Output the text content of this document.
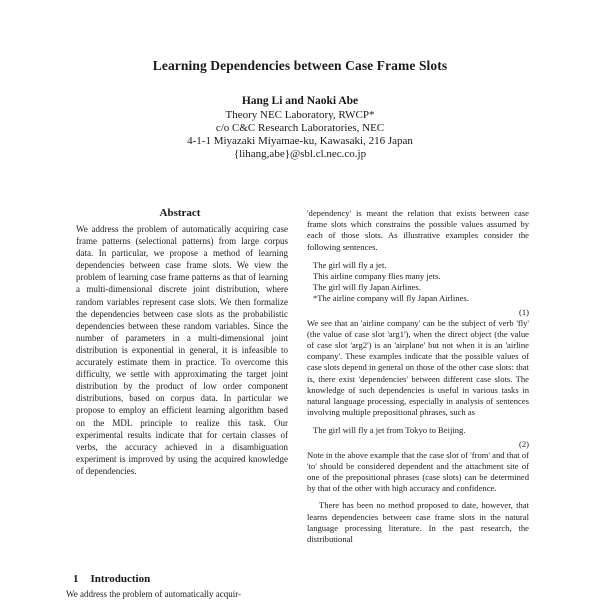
Learning Dependencies between Case Frame Slots
Hang Li and Naoki Abe
Theory NEC Laboratory, RWCP*
c/o C&C Research Laboratories, NEC
4-1-1 Miyazaki Miyamae-ku, Kawasaki, 216 Japan
{lihang,abe}@sbl.cl.nec.co.jp
Abstract
We address the problem of automatically acquiring case frame patterns (selectional patterns) from large corpus data. In particular, we propose a method of learning dependencies between case frame slots. We view the problem of learning case frame patterns as that of learning a multi-dimensional discrete joint distribution, where random variables represent case slots. We then formalize the dependencies between case slots as the probabilistic dependencies between these random variables. Since the number of parameters in a multi-dimensional joint distribution is exponential in general, it is infeasible to accurately estimate them in practice. To overcome this difficulty, we settle with approximating the target joint distribution by the product of low order component distributions, based on corpus data. In particular we propose to employ an efficient learning algorithm based on the MDL principle to realize this task. Our experimental results indicate that for certain classes of verbs, the accuracy achieved in a disambiguation experiment is improved by using the acquired knowledge of dependencies.
1 Introduction
We address the problem of automatically acquir-

'dependency' is meant the relation that exists between case frame slots which constrains the possible values assumed by each of those slots. As illustrative examples consider the following sentences.

The girl will fly a jet.
This airline company flies many jets.
The girl will fly Japan Airlines.
*The airline company will fly Japan Airlines.
(1)

We see that an 'airline company' can be the subject of verb 'fly' (the value of case slot 'arg1'), when the direct object (the value of case slot 'arg2') is an 'airplane' but not when it is an 'airline company'. These examples indicate that the possible values of case slots depend in general on those of the other case slots: that is, there exist 'dependencies' between different case slots. The knowledge of such dependencies is useful in various tasks in natural language processing, especially in analysis of sentences involving multiple prepositional phrases, such as

The girl will fly a jet from Tokyo to Beijing.
(2)

Note in the above example that the case slot of 'from' and that of 'to' should be considered dependent and the attachment site of one of the prepositional phrases (case slots) can be determined by that of the other with high accuracy and confidence.

There has been no method proposed to date, however, that learns dependencies between case frame slots in the natural language processing literature. In the past research, the distributional
